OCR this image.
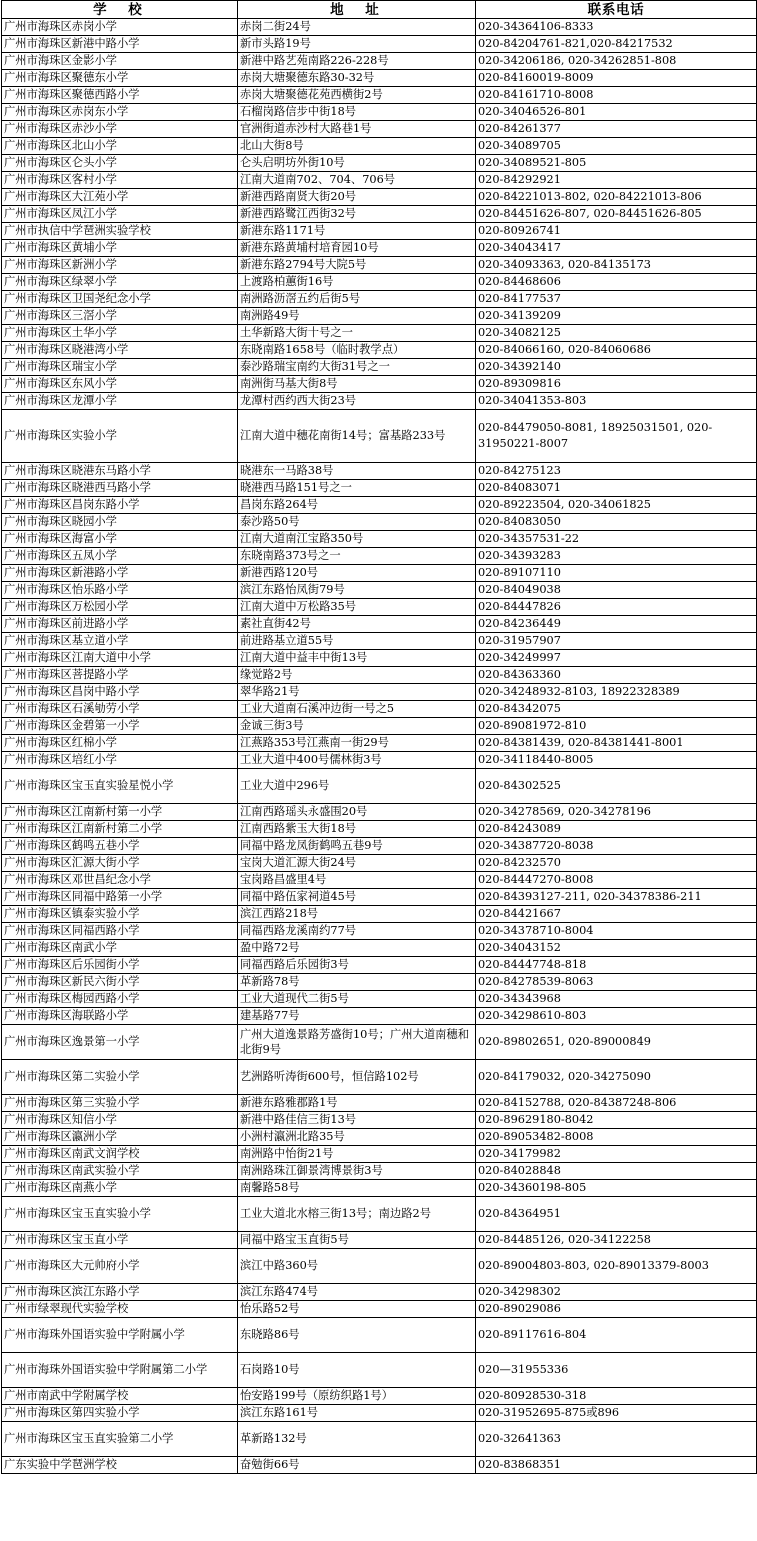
学　校	地　址	联系电话
广州市海珠区赤岗小学	赤岗二街24号	020-34364106-8333
广州市海珠区新港中路小学	新市头路19号	020-84204761-821,020-84217532
广州市海珠区金影小学	新港中路艺苑南路226-228号	020-34206186, 020-34262851-808
广州市海珠区聚德东小学	赤岗大塘聚德东路30-32号	020-84160019-8009
广州市海珠区聚德西路小学	赤岗大塘聚德花苑西横街2号	020-84161710-8008
广州市海珠区赤岗东小学	石榴岗路信步中街18号	020-34046526-801
广州市海珠区赤沙小学	官洲街道赤沙村大路巷1号	020-84261377
广州市海珠区北山小学	北山大街8号	020-34089705
广州市海珠区仑头小学	仑头启明坊外街10号	020-34089521-805
广州市海珠区客村小学	江南大道南702、704、706号	020-84292921
广州市海珠区大江苑小学	新港西路南贤大街20号	020-84221013-802, 020-84221013-806
广州市海珠区凤江小学	新港西路鹭江西街32号	020-84451626-807, 020-84451626-805
广州市执信中学琶洲实验学校	新港东路1171号	020-80926741
广州市海珠区黄埔小学	新港东路黄埔村培育园10号	020-34043417
广州市海珠区新洲小学	新港东路2794号大院5号	020-34093363, 020-84135173
广州市海珠区绿翠小学	上渡路柏蕙街16号	020-84468606
广州市海珠区卫国尧纪念小学	南洲路沥滘五约后街5号	020-84177537
广州市海珠区三滘小学	南洲路49号	020-34139209
广州市海珠区土华小学	土华新路大街十号之一	020-34082125
广州市海珠区晓港湾小学	东晓南路1658号（临时教学点）	020-84066160, 020-84060686
广州市海珠区瑞宝小学	泰沙路瑞宝南约大街31号之一	020-34392140
广州市海珠区东风小学	南洲街马基大街8号	020-89309816
广州市海珠区龙潭小学	龙潭村西约西大街23号	020-34041353-803
广州市海珠区实验小学	江南大道中穗花南街14号；富基路233号	020-84479050-8081, 18925031501, 020-31950221-8007
广州市海珠区晓港东马路小学	晓港东一马路38号	020-84275123
广州市海珠区晓港西马路小学	晓港西马路151号之一	020-84083071
广州市海珠区昌岗东路小学	昌岗东路264号	020-89223504, 020-34061825
广州市海珠区晓园小学	泰沙路50号	020-84083050
广州市海珠区海富小学	江南大道南江宝路350号	020-34357531-22
广州市海珠区五凤小学	东晓南路373号之一	020-34393283
广州市海珠区新港路小学	新港西路120号	020-89107110
广州市海珠区怡乐路小学	滨江东路怡凤街79号	020-84049038
广州市海珠区万松园小学	江南大道中万松路35号	020-84447826
广州市海珠区前进路小学	素社直街42号	020-84236449
广州市海珠区基立道小学	前进路基立道55号	020-31957907
广州市海珠区江南大道中小学	江南大道中益丰中街13号	020-34249997
广州市海珠区菩提路小学	缘觉路2号	020-84363360
广州市海珠区昌岗中路小学	翠华路21号	020-34248932-8103, 18922328389
广州市海珠区石溪劬劳小学	工业大道南石溪冲边街一号之5	020-84342075
广州市海珠区金碧第一小学	金诚三街3号	020-89081972-810
广州市海珠区红棉小学	江燕路353号江燕南一街29号	020-84381439, 020-84381441-8001
广州市海珠区培红小学	工业大道中400号儒林街3号	020-34118440-8005
广州市海珠区宝玉直实验星悦小学	工业大道中296号	020-84302525
广州市海珠区江南新村第一小学	江南西路瑶头永盛围20号	020-34278569, 020-34278196
广州市海珠区江南新村第二小学	江南西路紫玉大街18号	020-84243089
广州市海珠区鹤鸣五巷小学	同福中路龙凤街鹤鸣五巷9号	020-34387720-8038
广州市海珠区汇源大街小学	宝岗大道汇源大街24号	020-84232570
广州市海珠区邓世昌纪念小学	宝岗路昌盛里4号	020-84447270-8008
广州市海珠区同福中路第一小学	同福中路伍家祠道45号	020-84393127-211, 020-34378386-211
广州市海珠区镇泰实验小学	滨江西路218号	020-84421667
广州市海珠区同福西路小学	同福西路龙溪南约77号	020-34378710-8004
广州市海珠区南武小学	盈中路72号	020-34043152
广州市海珠区后乐园街小学	同福西路后乐园街3号	020-84447748-818
广州市海珠区新民六街小学	革新路78号	020-84278539-8063
广州市海珠区梅园西路小学	工业大道现代二街5号	020-34343968
广州市海珠区海联路小学	建基路77号	020-34298610-803
广州市海珠区逸景第一小学	广州大道逸景路芳盛街10号；广州大道南穗和北街9号	020-89802651, 020-89000849
广州市海珠区第二实验小学	艺洲路听涛街600号，恒信路102号	020-84179032, 020-34275090
广州市海珠区第三实验小学	新港东路雅郡路1号	020-84152788, 020-84387248-806
广州市海珠区知信小学	新港中路佳信三街13号	020-89629180-8042
广州市海珠区瀛洲小学	小洲村瀛洲北路35号	020-89053482-8008
广州市海珠区南武文润学校	南洲路中怡街21号	020-34179982
广州市海珠区南武实验小学	南洲路珠江御景湾博景街3号	020-84028848
广州市海珠区南燕小学	南馨路58号	020-34360198-805
广州市海珠区宝玉直实验小学	工业大道北水榕三街13号；南边路2号	020-84364951
广州市海珠区宝玉直小学	同福中路宝玉直街5号	020-84485126, 020-34122258
广州市海珠区大元帅府小学	滨江中路360号	020-89004803-803, 020-89013379-8003
广州市海珠区滨江东路小学	滨江东路474号	020-34298302
广州市绿翠现代实验学校	怡乐路52号	020-89029086
广州市海珠外国语实验中学附属小学	东晓路86号	020-89117616-804
广州市海珠外国语实验中学附属第二小学	石岗路10号	020—31955336
广州市南武中学附属学校	怡安路199号（原纺织路1号）	020-80928530-318
广州市海珠区第四实验小学	滨江东路161号	020-31952695-875或896
广州市海珠区宝玉直实验第二小学	革新路132号	020-32641363
广东实验中学琶洲学校	奋勉街66号	020-83868351
